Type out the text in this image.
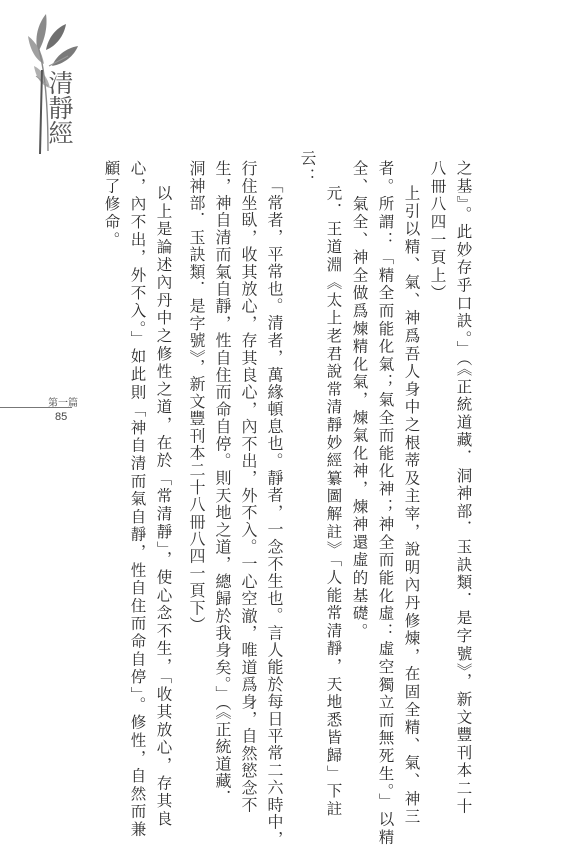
清靜經
第一篇
85	之基』。此妙存乎口訣。」（《正統道藏．洞神部．玉訣類．是字號》，新文豐刊本二十
八冊八四一頁上）
上引以精、氣、神爲吾人身中之根蒂及主宰，說明內丹修煉，在固全精、氣、神三
者。所謂：「精全而能化氣；氣全而能化神；神全而能化虛：虛空獨立而無死生。」以精
全、氣全、神全做爲煉精化氣，煉氣化神，煉神還虛的基礎。
元．王道淵《太上老君說常清靜妙經纂圖解註》「人能常清靜，天地悉皆歸」下註
云：
「常者，平常也。清者，萬緣頓息也。靜者，一念不生也。言人能於每日平常二六時中，
行住坐臥，收其放心，存其良心，內不出，外不入。一心空澈，唯道爲身，自然慾念不
生，神自清而氣自靜，性自住而命自停。則天地之道，總歸於我身矣。」（《正統道藏．
洞神部．玉訣類．是字號》，新文豐刊本二十八冊八四一頁下）
以上是論述內丹中之修性之道，在於「常清靜」，使心念不生，「收其放心，存其良
心，內不出，外不入。」如此則「神自清而氣自靜，性自住而命自停」。修性，自然而兼
顧了修命。
